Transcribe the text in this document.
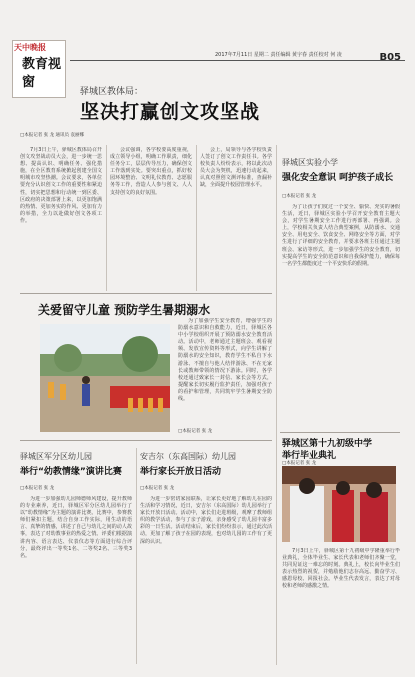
天中晚报
教育视窗
2017年7月11日 星期二 责任编辑 黄宇春 责任校对 何 凌	B05
驿城区教体局：
坚决打赢创文攻坚战
□本报记者 张 龙 通讯员 袁丽娜
7月3日上午，驿城区教体局召开创文攻坚战动员大会，进一步统一思想、提高认识、明确任务、强化措施，在全区教育系统掀起创建全国文明城市攻坚热潮。会议要求，各单位要充分认识创文工作的重要性和紧迫性，切实把思想和行动统一到区委、区政府的决策部署上来，以更加饱满的热情、更加务实的作风、更加有力的举措，全力以赴做好创文各项工作。
会议强调，各学校要高度重视，成立领导小组，明确工作职责，细化任务分工，层层传导压力，确保创文工作落到实处。要突出重点，抓好校园环境整治、文明礼仪教育、志愿服务等工作，营造人人参与创文、人人支持创文的良好氛围。
会上，局领导与各学校负责人签订了创文工作责任书。各学校负责人纷纷表示，将以此次动员大会为契机，迅速行动起来，认真对照创文测评标准，查漏补缺，全面提升校园管理水平。
驿城区实验小学
强化安全意识 呵护孩子成长
□本报记者 张 龙
为了让孩子们度过一个安全、愉快、充实的暑假生活，近日，驿城区实验小学召开安全教育主题大会，对学生暑期安全工作进行再部署、再强调。会上，学校相关负责人结合典型案例，从防溺水、交通安全、用电安全、饮食安全、网络安全等方面，对学生进行了详细的安全教育，并要求各班主任通过主题班会、家访等形式，进一步加强学生的安全教育，切实提高学生的安全防范意识和自我保护能力，确保每一名学生都能度过一个平安快乐的假期。
关爱留守儿童 预防学生暑期溺水
为了加强学生安全教育，增强学生的防溺水意识和自救能力，近日，驿城区各中小学校组织开展了预防溺水安全教育活动。活动中，老师通过主题班会、观看视频、发放宣传资料等形式，向学生讲解了防溺水的安全知识，教育学生不私自下水游泳、不擅自与他人结伴游泳、不在无家长或教师带领的情况下游泳。同时，各学校还通过致家长一封信、家长会等方式，提醒家长切实履行监护责任，加强对孩子的看护和管理，共同筑牢学生暑期安全防线。
驿城区军分区幼儿园
举行“幼教情缘”演讲比赛
□本报记者 张 龙
为进一步加强幼儿园师德师风建设，提升教师的专业素养，近日，驿城区军分区幼儿园举行了以“幼教情缘”为主题的演讲比赛。比赛中，参赛教师们紧扣主题，结合自身工作实际，用生动的语言、真挚的情感，讲述了自己与幼儿之间的动人故事，表达了对幼教事业的热爱之情。评委们根据演讲内容、语言表达、仪表仪态等方面进行综合评分，最终评出一等奖1名、二等奖2名、三等奖3名。
安吉尔（东高国际）幼儿园
举行家长开放日活动
□本报记者 张 龙
为进一步密切家园联系，让家长更好地了解幼儿在园的生活和学习情况，近日，安吉尔（东高国际）幼儿园举行了家长开放日活动。活动中，家长们走进班级，观摩了教师组织的教学活动，参与了亲子游戏，亲身感受了幼儿园丰富多彩的一日生活。活动结束后，家长们纷纷表示，通过此次活动，更加了解了孩子在园的表现，也对幼儿园的工作有了更深的认识。
驿城区第十九初级中学
举行毕业典礼
□本报记者 张 龙
7月3日上午，驿城区第十九初级中学隆重举行毕业典礼，全体毕业生、家长代表和老师们齐聚一堂，共同见证这一难忘的时刻。典礼上，校长向毕业生们表示热烈的祝贺，并勉励他们志存高远、勤奋学习、感恩母校、回报社会。毕业生代表发言，表达了对母校和老师的感激之情。
□本报记者 张 龙
